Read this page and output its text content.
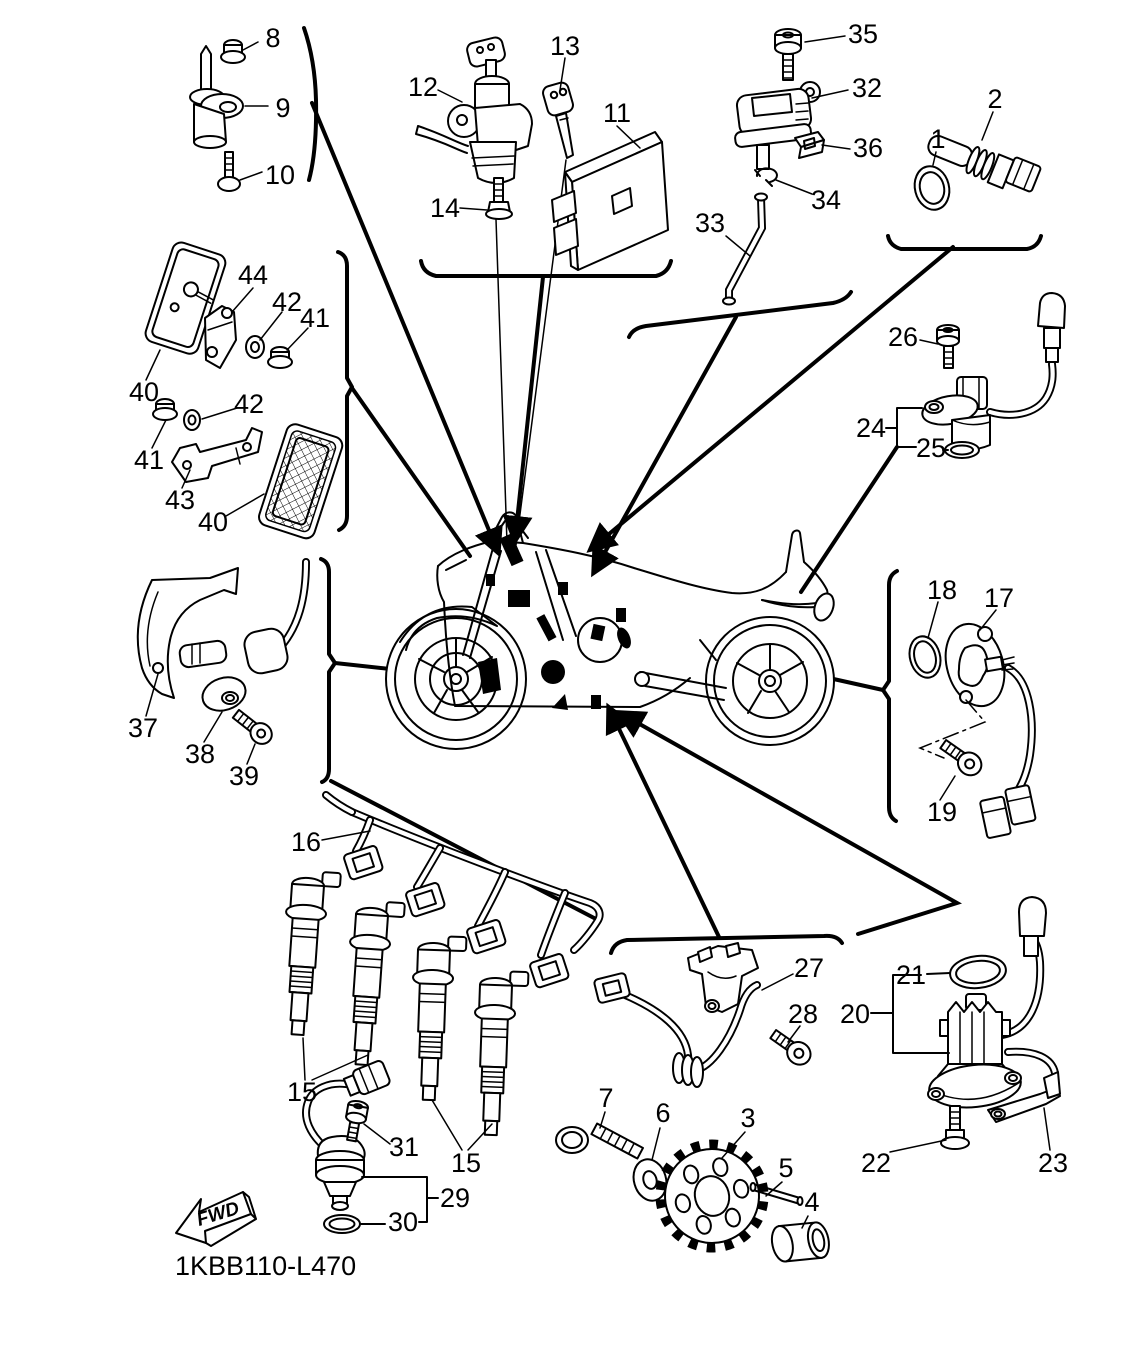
FWD
1KBB110-L470
8
9
10
12
13
11
14
35
32
36
34
33
2
1
26
24
25
44
42
41
40
41
42
43
40
37
38
39
18 17
19
16
15
15
31
29
30
27
28
7 6	3
5
4
21
20
22	23
